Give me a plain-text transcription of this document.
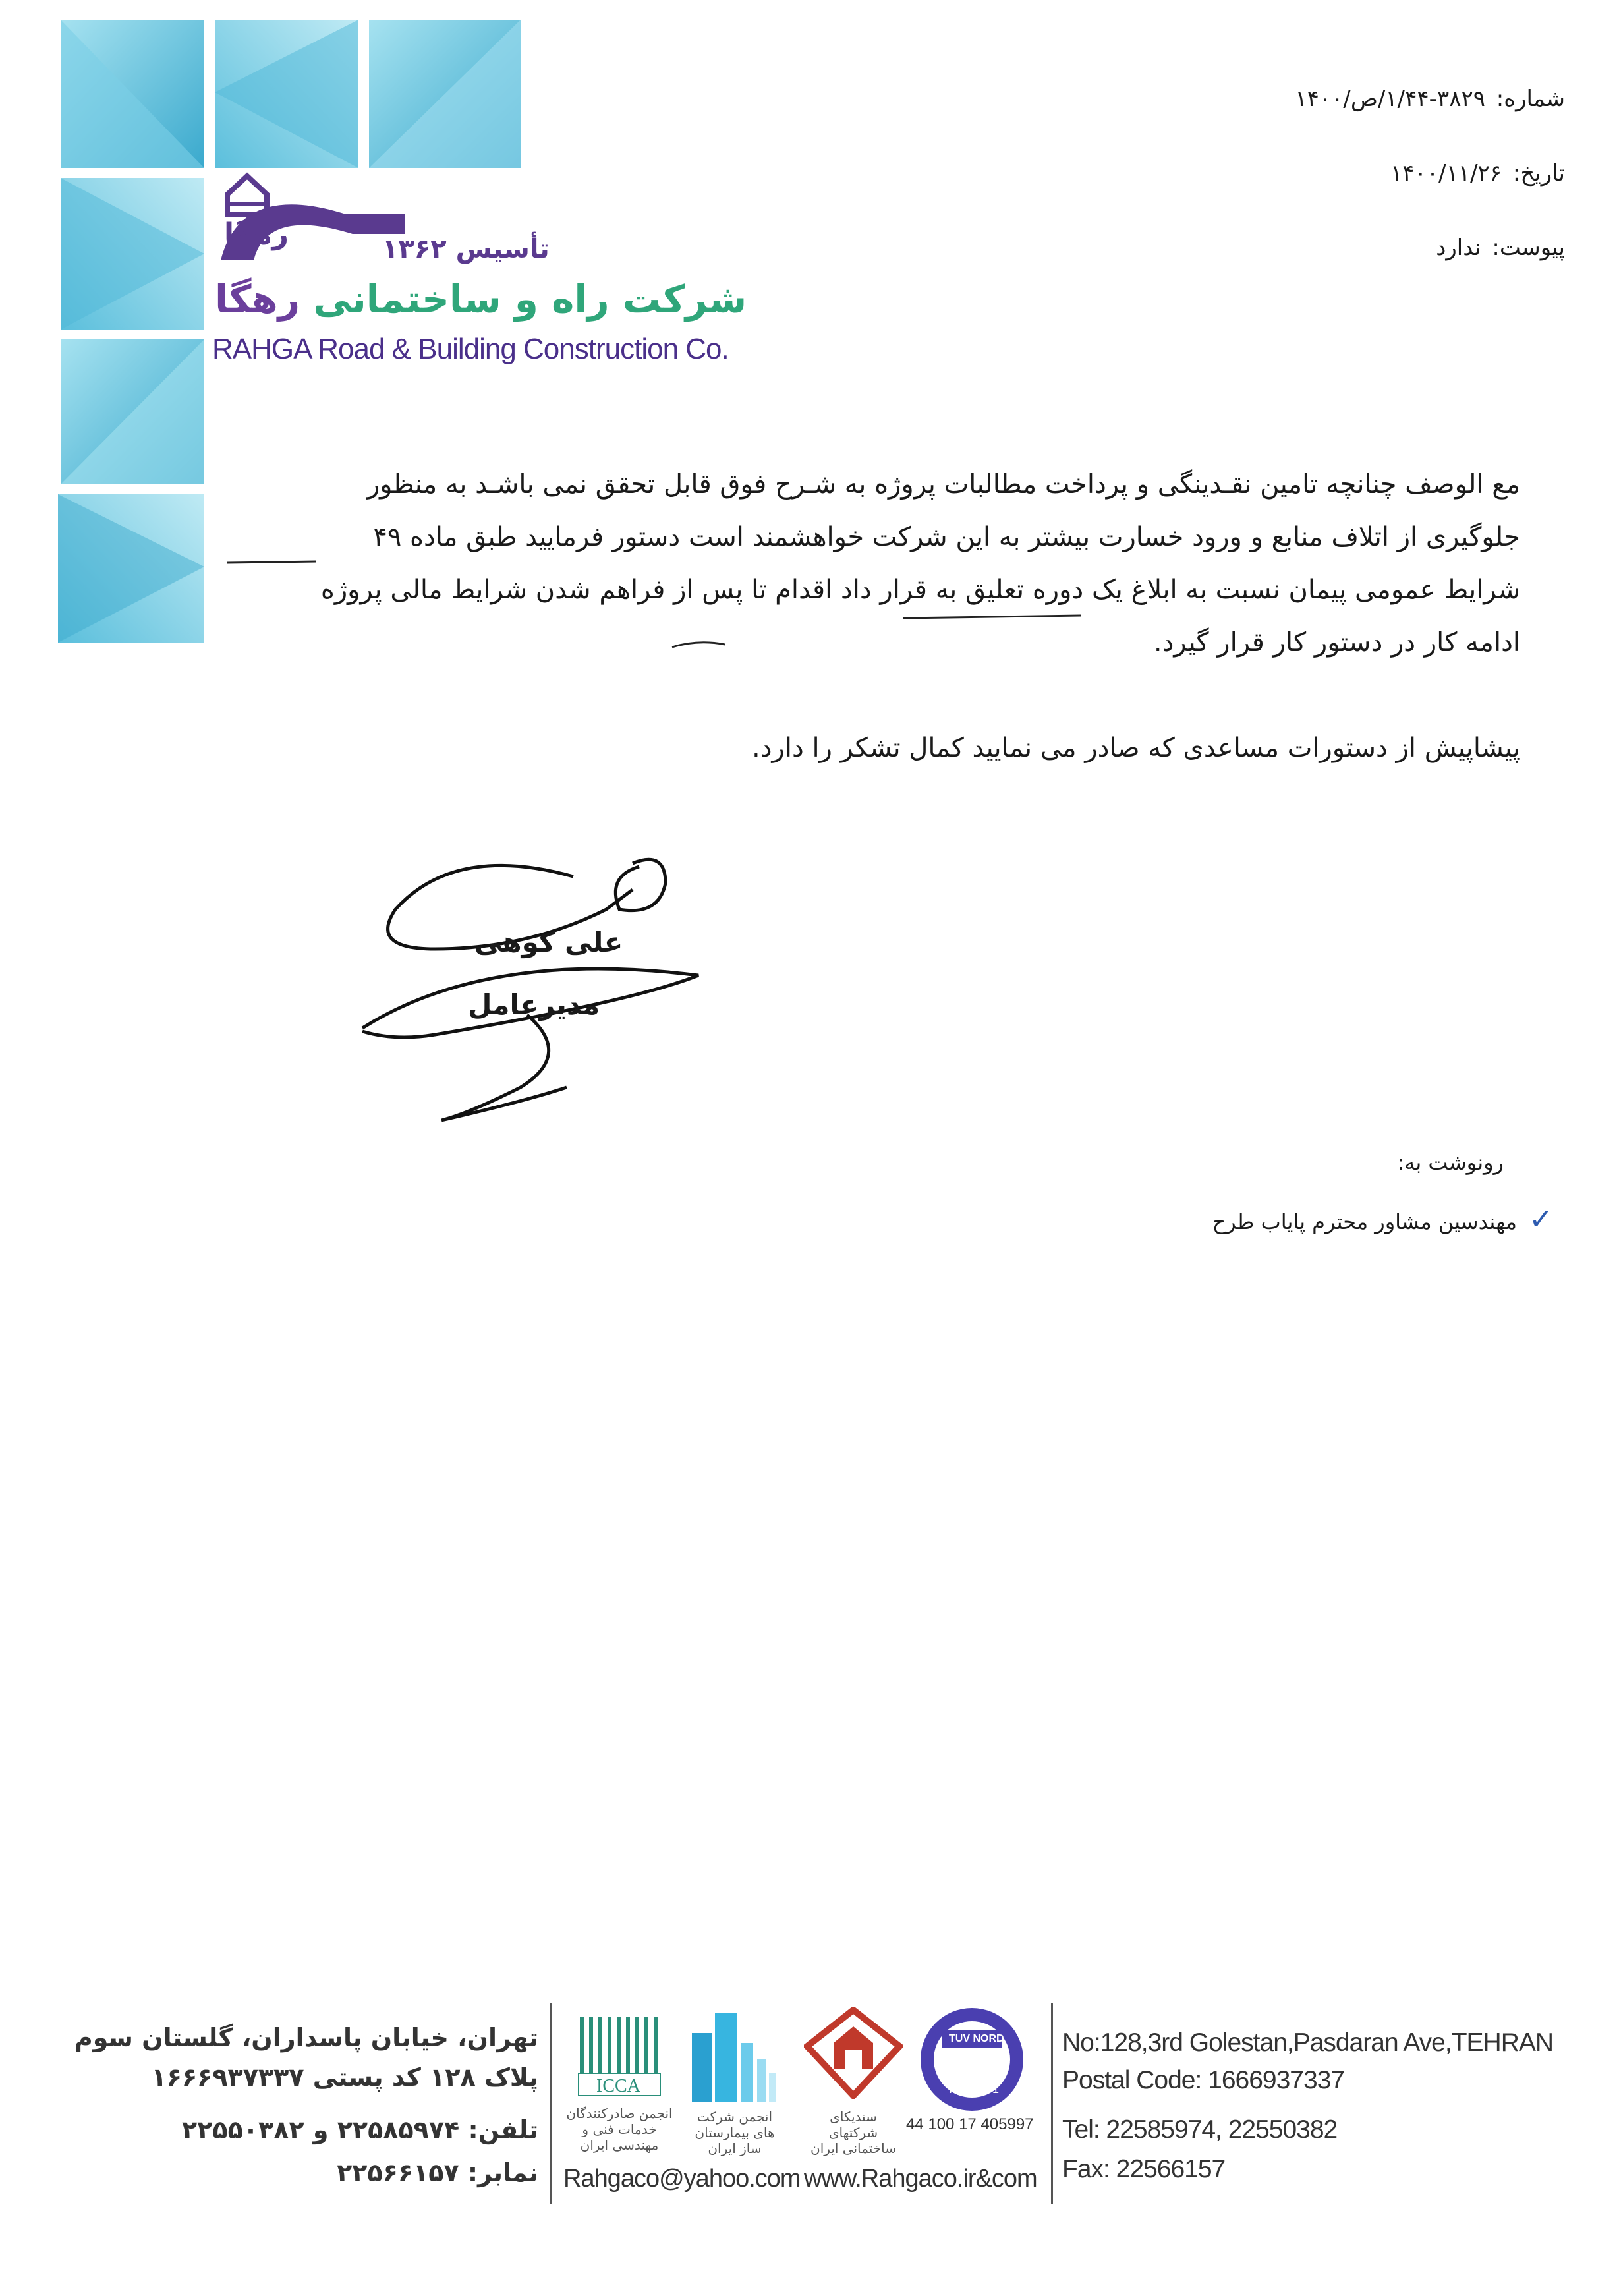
رهگا	تأسیس ۱۳۶۲
شرکت راه و ساختمانی رهگا
RAHGA Road & Building Construction Co.
شماره: ۳۸۲۹-۱/۴۴/ص/۱۴۰۰
تاریخ: ۱۴۰۰/۱۱/۲۶
پیوست: ندارد
مع الوصف چنانچه تامین نقـدینگی و پرداخت مطالبات پروژه به شـرح فوق قابل تحقق نمی باشـد به منظور
جلوگیری از اتلاف منابع و ورود خسارت بیشتر به این شرکت خواهشمند است دستور فرمایید طبق ماده ۴۹
شرایط عمومی پیمان نسبت به ابلاغ یک دوره تعلیق به قرار داد اقدام تا پس از فراهم شدن شرایط مالی پروژه
ادامه کار در دستور کار قرار گیرد.
پیشاپیش از دستورات مساعدی که صادر می نمایید کمال تشکر را دارد.
علی کوهی
مدیرعامل
رونوشت به:
✓ مهندسین مشاور محترم پایاب طرح
تهران، خیابان پاسداران، گلستان سوم
پلاک ۱۲۸ کد پستی ۱۶۶۶۹۳۷۳۳۷
تلفن: ۲۲۵۸۵۹۷۴ و ۲۲۵۵۰۳۸۲
نمابر: ۲۲۵۶۶۱۵۷
ICCA
انجمن صادرکنندگان خدمات فنی و مهندسی ایران
انجمن شرکت های بیمارستان ساز ایران
سندیکای شرکتهای ساختمانی ایران
TUV NORD
ISO 9001
44 100 17 405997
Rahgaco@yahoo.com www.Rahgaco.ir&com
No:128,3rd Golestan,Pasdaran Ave,TEHRAN
Postal Code: 1666937337
Tel: 22585974, 22550382
Fax: 22566157
